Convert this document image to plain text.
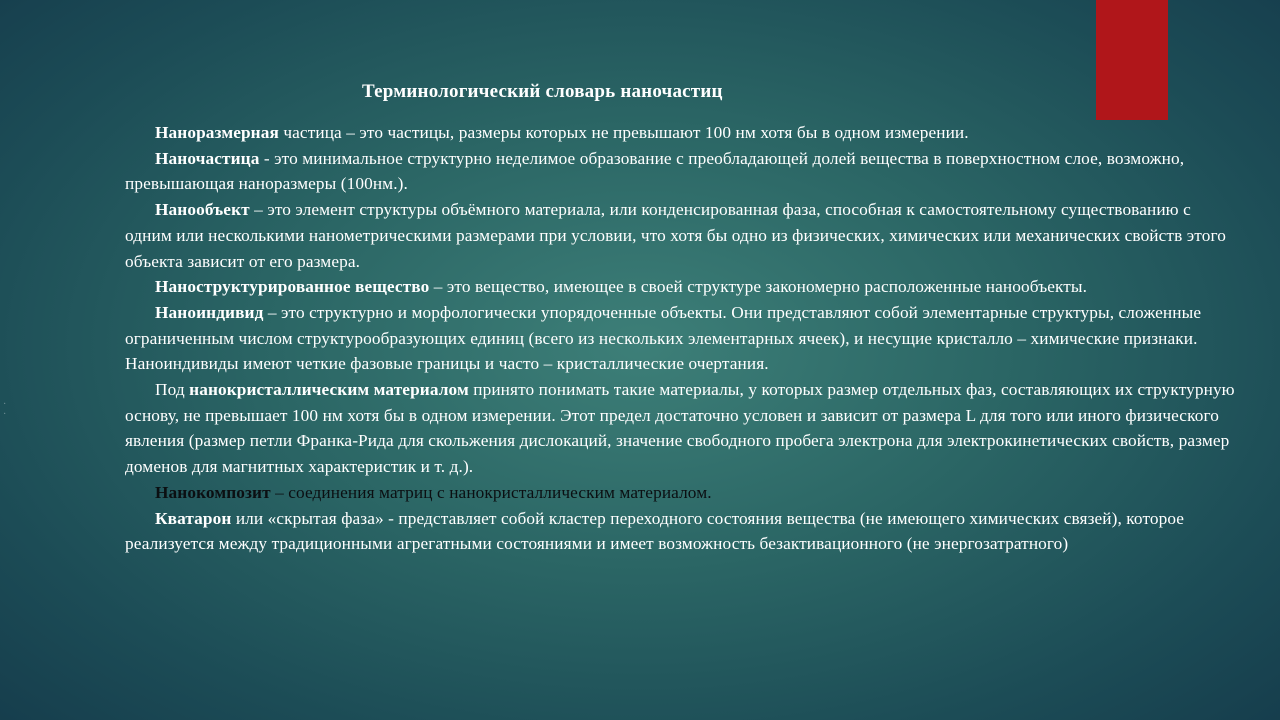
·
·
Терминологический словарь наночастиц

Наноразмерная частица – это частицы, размеры которых не превышают 100 нм хотя бы в одном измерении.

Наночастица - это минимальное структурно неделимое образование с преобладающей долей вещества в поверхностном слое, возможно, превышающая наноразмеры (100нм.).

Нанообъект – это элемент структуры объёмного материала, или конденсированная фаза, способная к самостоятельному существованию с одним или несколькими нанометрическими размерами при условии, что хотя бы одно из физических, химических или механических свойств этого объекта зависит от его размера.

Наноструктурированное вещество – это вещество, имеющее в своей структуре закономерно расположенные нанообъекты.

Наноиндивид – это структурно и морфологически упорядоченные объекты. Они представляют собой элементарные структуры, сложенные ограниченным числом структурообразующих единиц (всего из нескольких элементарных ячеек), и несущие кристалло – химические признаки. Наноиндивиды имеют четкие фазовые границы и часто – кристаллические очертания.

Под нанокристаллическим материалом принято понимать такие материалы, у которых размер отдельных фаз, составляющих их структурную основу, не превышает 100 нм хотя бы в одном измерении. Этот предел достаточно условен и зависит от размера L для того или иного физического явления (размер петли Франка-Рида для скольжения дислокаций, значение свободного пробега электрона для электрокинетических свойств, размер доменов для магнитных характеристик и т. д.).

Нанокомпозит – соединения матриц с нанокристаллическим материалом.

Кватарон или «скрытая фаза» - представляет собой кластер переходного состояния вещества (не имеющего химических связей), которое реализуется между традиционными агрегатными состояниями и имеет возможность безактивационного (не энергозатратного)
